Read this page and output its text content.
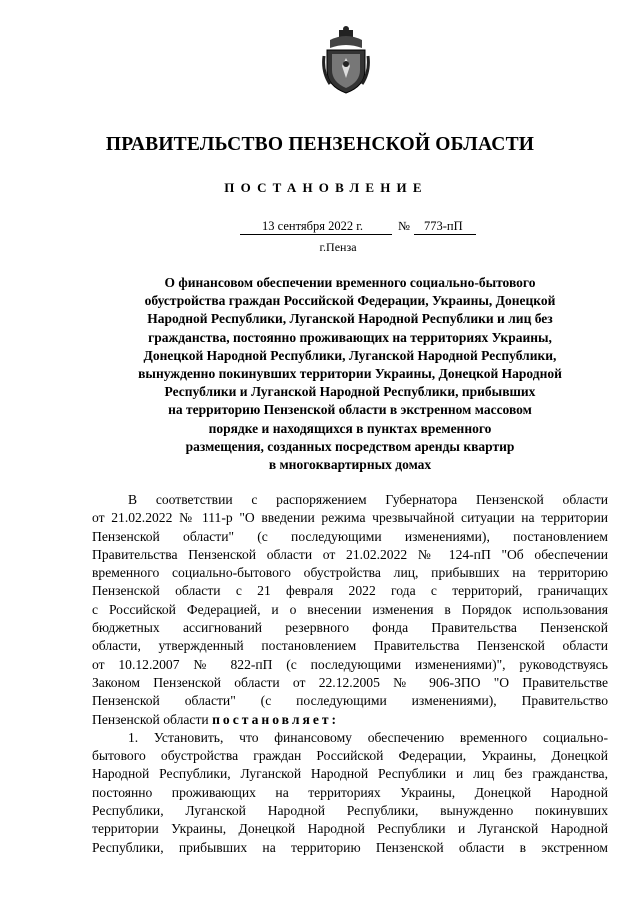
ПРАВИТЕЛЬСТВО ПЕНЗЕНСКОЙ ОБЛАСТИ
ПОСТАНОВЛЕНИЕ
13 сентября 2022 г.	№ 773-пП
г.Пенза
О финансовом обеспечении временного социально-бытового
обустройства граждан Российской Федерации, Украины, Донецкой
Народной Республики, Луганской Народной Республики и лиц без
гражданства, постоянно проживающих на территориях Украины,
Донецкой Народной Республики, Луганской Народной Республики,
вынужденно покинувших территории Украины, Донецкой Народной
Республики и Луганской Народной Республики, прибывших
на территорию Пензенской области в экстренном массовом
порядке и находящихся в пунктах временного
размещения, созданных посредством аренды квартир
в многоквартирных домах
В соответствии с распоряжением Губернатора Пензенской области
от 21.02.2022 № 111-р "О введении режима чрезвычайной ситуации на территории
Пензенской области" (с последующими изменениями), постановлением
Правительства Пензенской области от 21.02.2022 № 124-пП "Об обеспечении
временного социально-бытового обустройства лиц, прибывших на территорию
Пензенской области с 21 февраля 2022 года с территорий, граничащих
с Российской Федерацией, и о внесении изменения в Порядок использования
бюджетных ассигнований резервного фонда Правительства Пензенской
области, утвержденный постановлением Правительства Пензенской области
от 10.12.2007 № 822-пП (с последующими изменениями)", руководствуясь
Законом Пензенской области от 22.12.2005 № 906-ЗПО "О Правительстве
Пензенской области" (с последующими изменениями), Правительство
Пензенской области постановляет:
1. Установить, что финансовому обеспечению временного социально-
бытового обустройства граждан Российской Федерации, Украины, Донецкой
Народной Республики, Луганской Народной Республики и лиц без гражданства,
постоянно проживающих на территориях Украины, Донецкой Народной
Республики, Луганской Народной Республики, вынужденно покинувших
территории Украины, Донецкой Народной Республики и Луганской Народной
Республики, прибывших на территорию Пензенской области в экстренном
